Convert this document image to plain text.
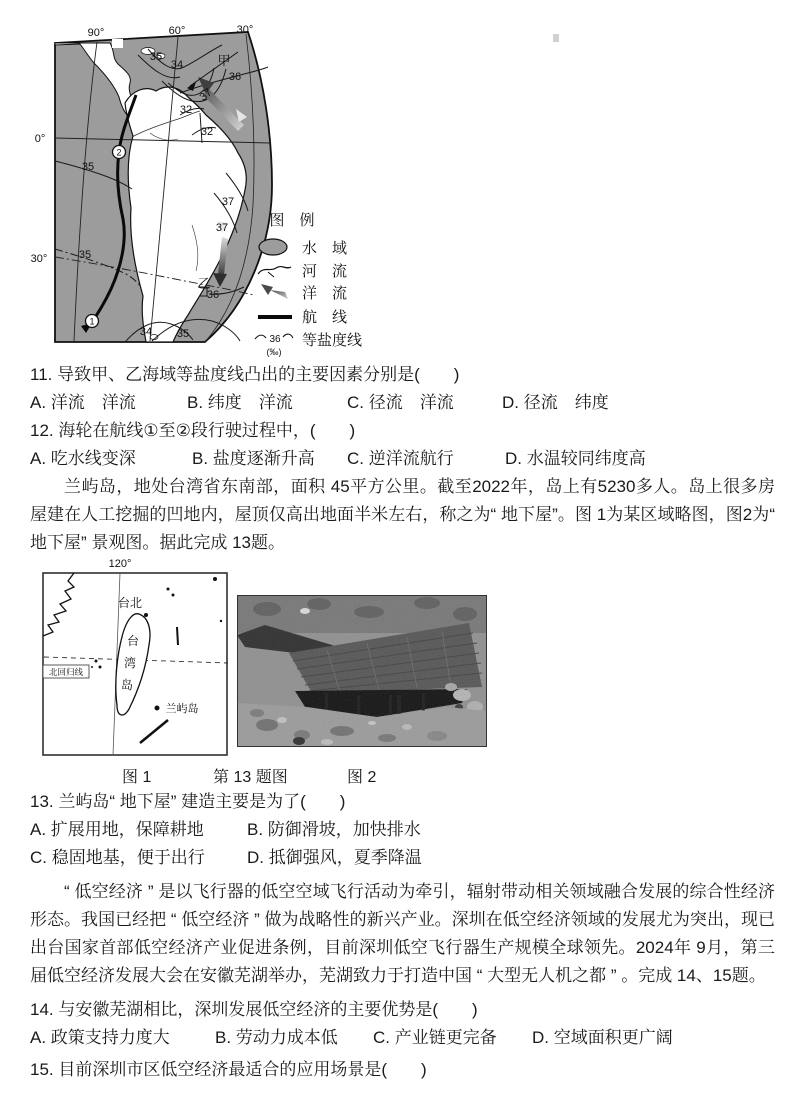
90°	60°	30°
0°
30°
35
34
36
37
32
32
35
37
37
35
36
34 35
甲
乙
1
2
图　例
水　域
河　流
洋　流
航　线
36
(‰)
等盐度线
11. 导致甲、乙海域等盐度线凸出的主要因素分别是(　　)
A. 洋流　洋流	B. 纬度　洋流	C. 径流　洋流	D. 径流　纬度
12. 海轮在航线①至②段行驶过程中，(　　)
A. 吃水线变深	B. 盐度逐渐升高	C. 逆洋流航行	D. 水温较同纬度高

兰屿岛，地处台湾省东南部，面积 45平方公里。截至2022年，岛上有5230多人。岛上很多房屋建在人工挖掘的凹地内，屋顶仅高出地面半米左右，称之为“ 地下屋”。图 1为某区域略图，图2为“ 地下屋” 景观图。据此完成 13题。

120°
北回归线
台北
台
湾
岛
兰屿岛
图 1	第 13 题图	图 2
13. 兰屿岛“ 地下屋” 建造主要是为了(　　)
A. 扩展用地，保障耕地	B. 防御滑坡，加快排水
C. 稳固地基，便于出行	D. 抵御强风，夏季降温

“ 低空经济 ” 是以飞行器的低空空域飞行活动为牵引，辐射带动相关领域融合发展的综合性经济形态。我国已经把 “ 低空经济 ” 做为战略性的新兴产业。深圳在低空经济领域的发展尤为突出，现已出台国家首部低空经济产业促进条例，目前深圳低空飞行器生产规模全球领先。2024年 9月，第三届低空经济发展大会在安徽芜湖举办，芜湖致力于打造中国 “ 大型无人机之都 ” 。完成 14、15题。

14. 与安徽芜湖相比，深圳发展低空经济的主要优势是(　　)
A. 政策支持力度大	B. 劳动力成本低	C. 产业链更完备	D. 空域面积更广阔
15. 目前深圳市区低空经济最适合的应用场景是(　　)
